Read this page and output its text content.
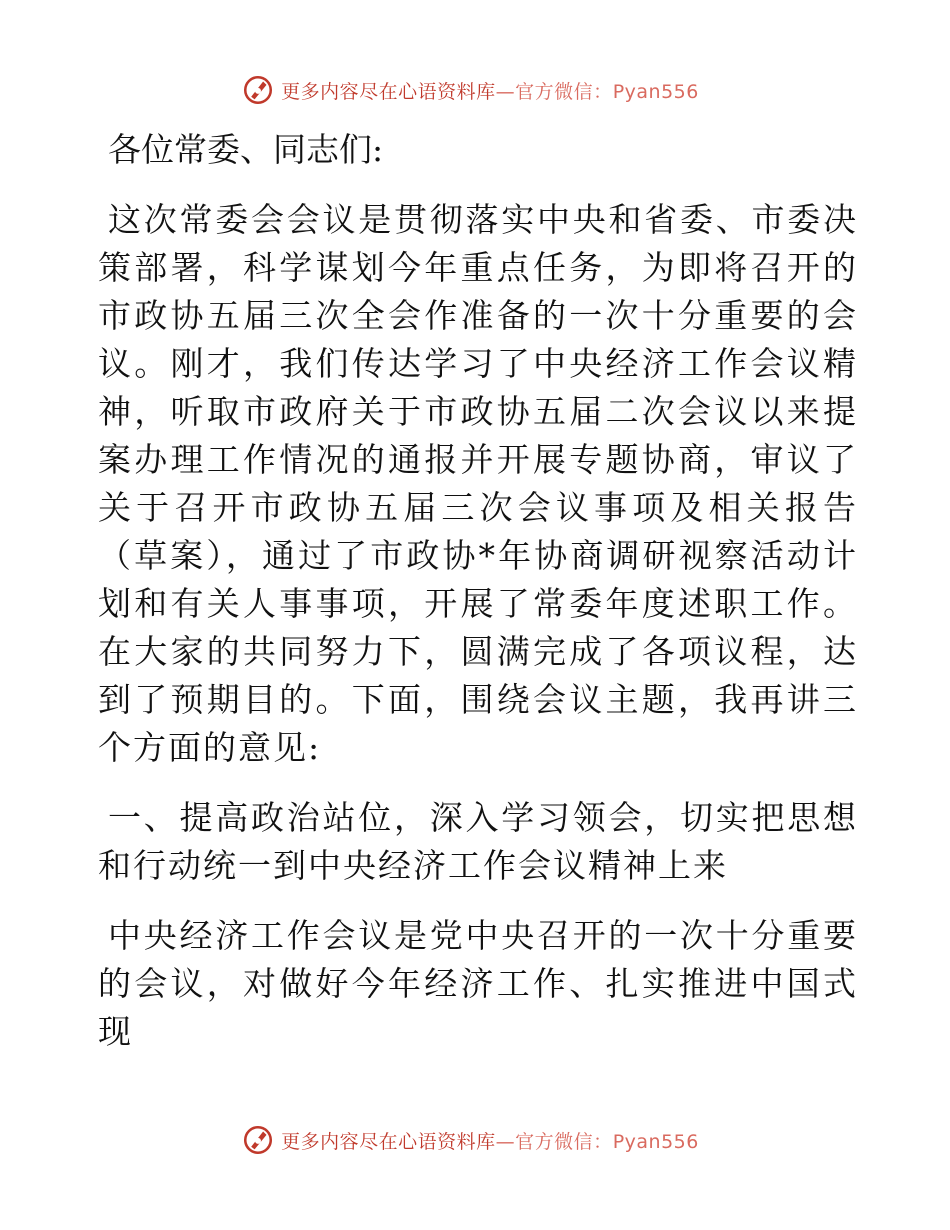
更多内容尽在心语资料库—官方微信：Pyan556

各位常委、同志们:

这次常委会会议是贯彻落实中央和省委、市委决策部署，科学谋划今年重点任务，为即将召开的市政协五届三次全会作准备的一次十分重要的会议。刚才，我们传达学习了中央经济工作会议精神，听取市政府关于市政协五届二次会议以来提案办理工作情况的通报并开展专题协商，审议了关于召开市政协五届三次会议事项及相关报告（草案），通过了市政协*年协商调研视察活动计划和有关人事事项，开展了常委年度述职工作。在大家的共同努力下，圆满完成了各项议程，达到了预期目的。下面，围绕会议主题，我再讲三个方面的意见:

一、提高政治站位，深入学习领会，切实把思想和行动统一到中央经济工作会议精神上来

中央经济工作会议是党中央召开的一次十分重要的会议，对做好今年经济工作、扎实推进中国式现

更多内容尽在心语资料库—官方微信：Pyan556
